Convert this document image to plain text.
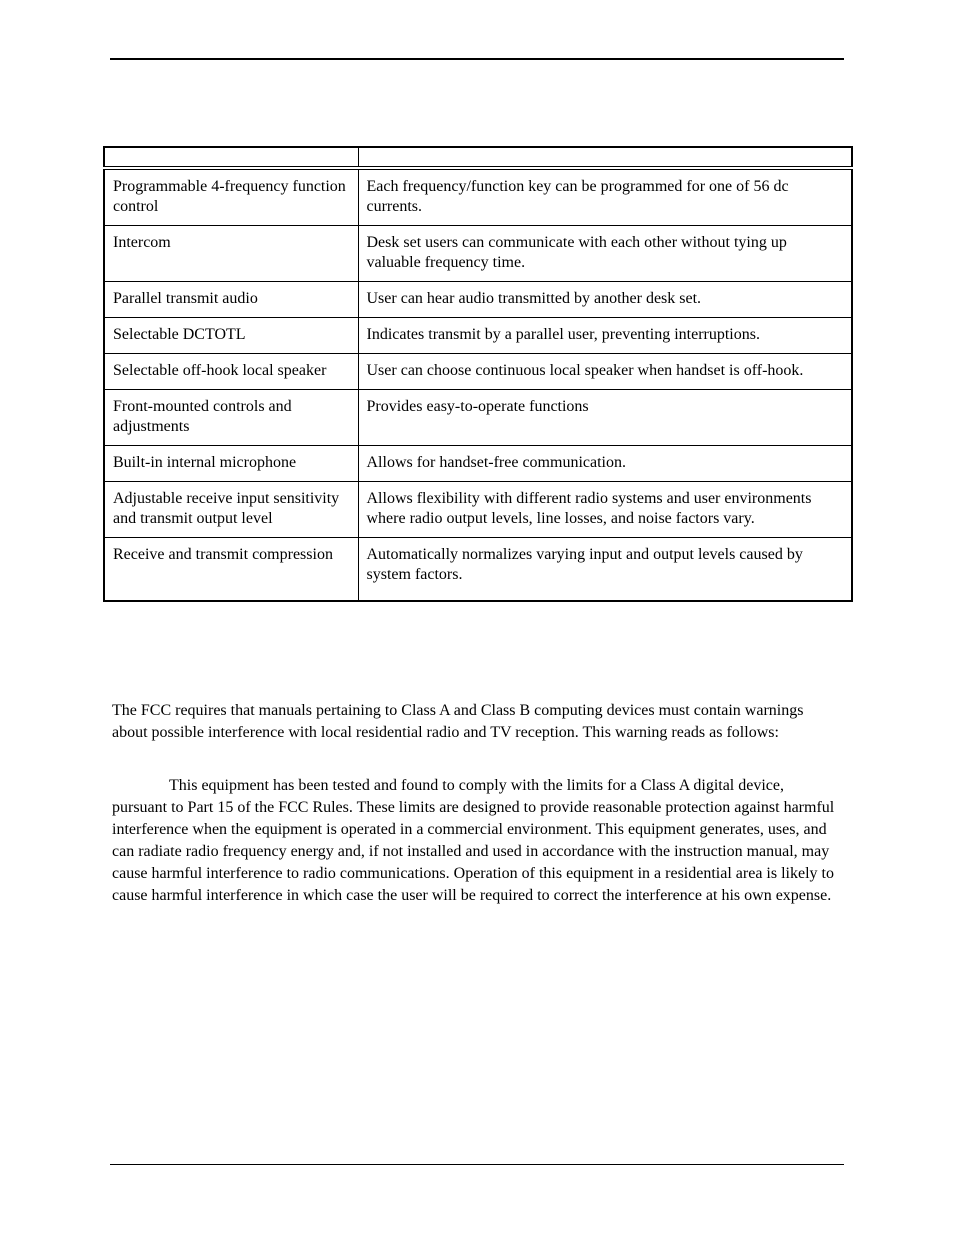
Programmable 4-frequency function control	Each frequency/function key can be programmed for one of 56 dc currents.
Intercom	Desk set users can communicate with each other without tying up valuable frequency time.
Parallel transmit audio	User can hear audio transmitted by another desk set.
Selectable DCTOTL	Indicates transmit by a parallel user, preventing interruptions.
Selectable off-hook local speaker	User can choose continuous local speaker when handset is off-hook.
Front-mounted controls and adjustments	Provides easy-to-operate functions
Built-in internal microphone	Allows for handset-free communication.
Adjustable receive input sensitivity and transmit output level	Allows flexibility with different radio systems and user environments where radio output levels, line losses, and noise factors vary.
Receive and transmit compression	Automatically normalizes varying input and output levels caused by system factors.

The FCC requires that manuals pertaining to Class A and Class B computing devices must contain warnings about possible interference with local residential radio and TV reception. This warning reads as follows:

This equipment has been tested and found to comply with the limits for a Class A digital device, pursuant to Part 15 of the FCC Rules. These limits are designed to provide reasonable protection against harmful interference when the equipment is operated in a commercial environment. This equipment generates, uses, and can radiate radio frequency energy and, if not installed and used in accordance with the instruction manual, may cause harmful interference to radio communications. Operation of this equipment in a residential area is likely to cause harmful interference in which case the user will be required to correct the interference at his own expense.
